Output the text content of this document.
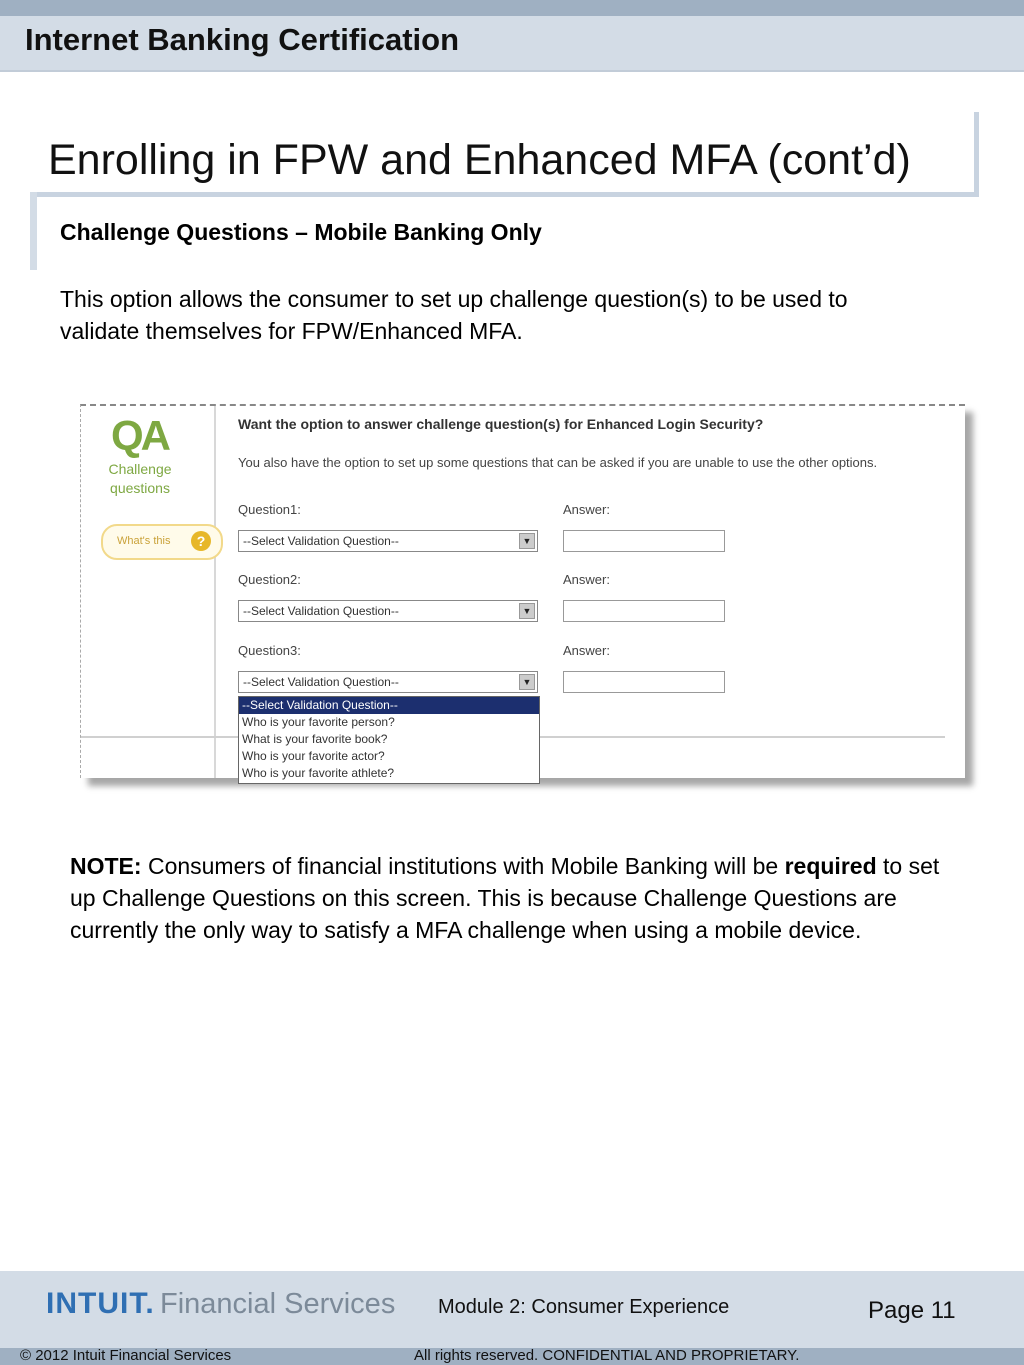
Internet Banking Certification
Enrolling in FPW and Enhanced MFA (cont’d)
Challenge Questions – Mobile Banking Only
This option allows the consumer to set up challenge question(s) to be used to validate themselves for FPW/Enhanced MFA.
QA
Challenge questions
What's this	?
Want the option to answer challenge question(s) for Enhanced Login Security?
You also have the option to set up some questions that can be asked if you are unable to use the other options.
Question1:	Answer:
--Select Validation Question--	▼
Question2:	Answer:
--Select Validation Question--	▼
Question3:	Answer:
--Select Validation Question--	▼
--Select Validation Question--
Who is your favorite person?
What is your favorite book?
Who is your favorite actor?
Who is your favorite athlete?
NOTE: Consumers of financial institutions with Mobile Banking will be required to set up Challenge Questions on this screen. This is because Challenge Questions are currently the only way to satisfy a MFA challenge when using a mobile device.
INTUIT. Financial Services Module 2: Consumer Experience	Page 11
© 2012 Intuit Financial Services	All rights reserved. CONFIDENTIAL AND PROPRIETARY.
